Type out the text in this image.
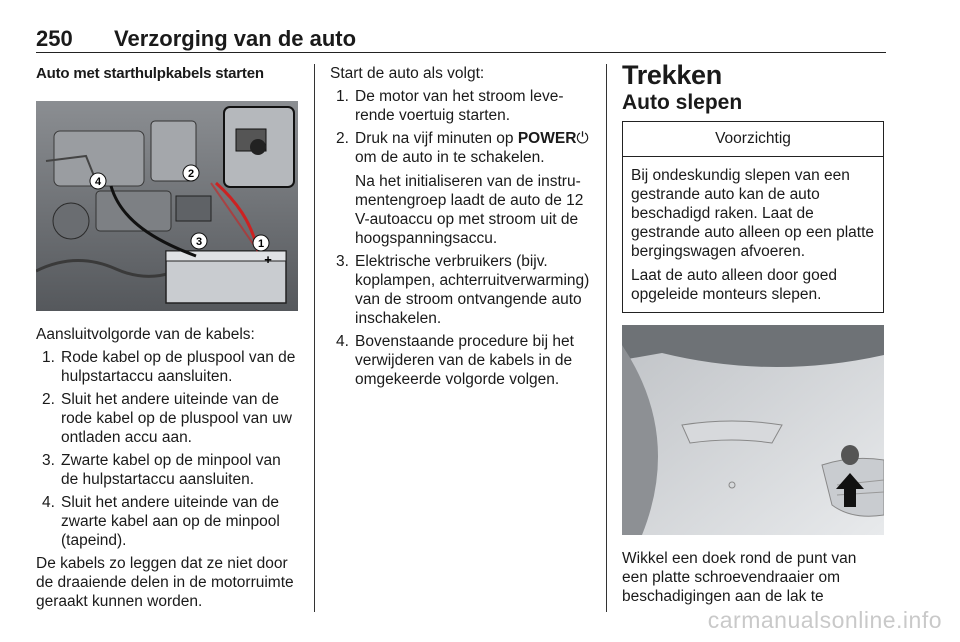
250 Verzorging van de auto
Auto met starthulpkabels starten
1
2
3
4
+

Aansluitvolgorde van de kabels:

1. Rode kabel op de pluspool van de hulpstartaccu aansluiten.
2. Sluit het andere uiteinde van de rode kabel op de pluspool van uw ontladen accu aan.
3. Zwarte kabel op de minpool van de hulpstartaccu aansluiten.
4. Sluit het andere uiteinde van de zwarte kabel aan op de minpool (tapeind).

De kabels zo leggen dat ze niet door de draaiende delen in de motorruimte geraakt kunnen worden.

Start de auto als volgt:

1. De motor van het stroom leverende voertuig starten.
2. Druk na vijf minuten op POWER⏻ om de auto in te schakelen.

Na het initialiseren van de instrumentengroep laadt de auto de 12 V-autoaccu op met stroom uit de hoogspanningsaccu.

3. Elektrische verbruikers (bijv. koplampen, achterruitverwarming) van de stroom ontvangende auto inschakelen.
4. Bovenstaande procedure bij het verwijderen van de kabels in de omgekeerde volgorde volgen.
Trekken
Auto slepen
Voorzichtig

Bij ondeskundig slepen van een gestrande auto kan de auto beschadigd raken. Laat de gestrande auto alleen op een platte bergingswagen afvoeren.

Laat de auto alleen door goed opgeleide monteurs slepen.

Wikkel een doek rond de punt van een platte schroevendraaier om beschadigingen aan de lak te

carmanualsonline.info
